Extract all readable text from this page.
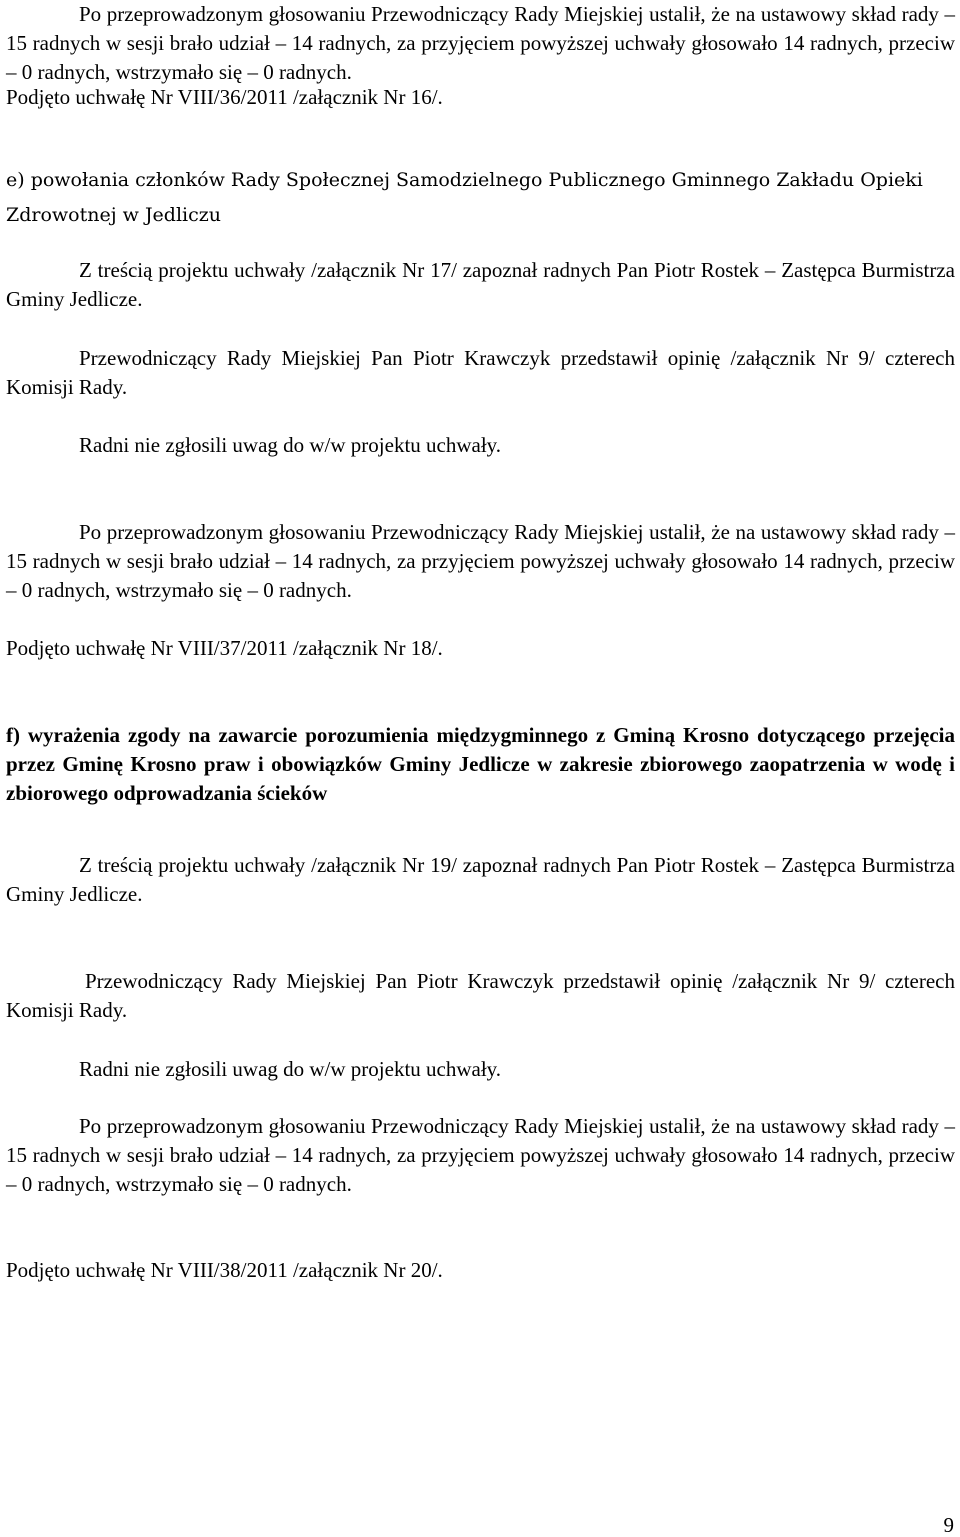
Po przeprowadzonym głosowaniu Przewodniczący Rady Miejskiej ustalił, że na ustawowy skład rady – 15 radnych w sesji brało udział – 14 radnych, za przyjęciem powyższej uchwały głosowało 14 radnych, przeciw – 0 radnych, wstrzymało się – 0 radnych.

Podjęto uchwałę Nr VIII/36/2011 /załącznik Nr 16/.

e) powołania członków Rady Społecznej Samodzielnego Publicznego Gminnego Zakładu Opieki Zdrowotnej w Jedliczu

Z treścią projektu uchwały /załącznik Nr 17/ zapoznał radnych Pan Piotr Rostek – Zastępca Burmistrza Gminy Jedlicze.

Przewodniczący Rady Miejskiej Pan Piotr Krawczyk przedstawił opinię /załącznik Nr 9/ czterech Komisji Rady.

Radni nie zgłosili uwag do w/w projektu uchwały.

Po przeprowadzonym głosowaniu Przewodniczący Rady Miejskiej ustalił, że na ustawowy skład rady – 15 radnych w sesji brało udział – 14 radnych, za przyjęciem powyższej uchwały głosowało 14 radnych, przeciw – 0 radnych, wstrzymało się – 0 radnych.

Podjęto uchwałę Nr VIII/37/2011 /załącznik Nr 18/.

f) wyrażenia zgody na zawarcie porozumienia międzygminnego z Gminą Krosno dotyczącego przejęcia przez Gminę Krosno praw i obowiązków Gminy Jedlicze w zakresie zbiorowego zaopatrzenia w wodę i zbiorowego odprowadzania ścieków

Z treścią projektu uchwały /załącznik Nr 19/ zapoznał radnych Pan Piotr Rostek – Zastępca Burmistrza Gminy Jedlicze.

Przewodniczący Rady Miejskiej Pan Piotr Krawczyk przedstawił opinię /załącznik Nr 9/ czterech Komisji Rady.

Radni nie zgłosili uwag do w/w projektu uchwały.

Po przeprowadzonym głosowaniu Przewodniczący Rady Miejskiej ustalił, że na ustawowy skład rady – 15 radnych w sesji brało udział – 14 radnych, za przyjęciem powyższej uchwały głosowało 14 radnych, przeciw – 0 radnych, wstrzymało się – 0 radnych.

Podjęto uchwałę Nr VIII/38/2011 /załącznik Nr 20/.

9
